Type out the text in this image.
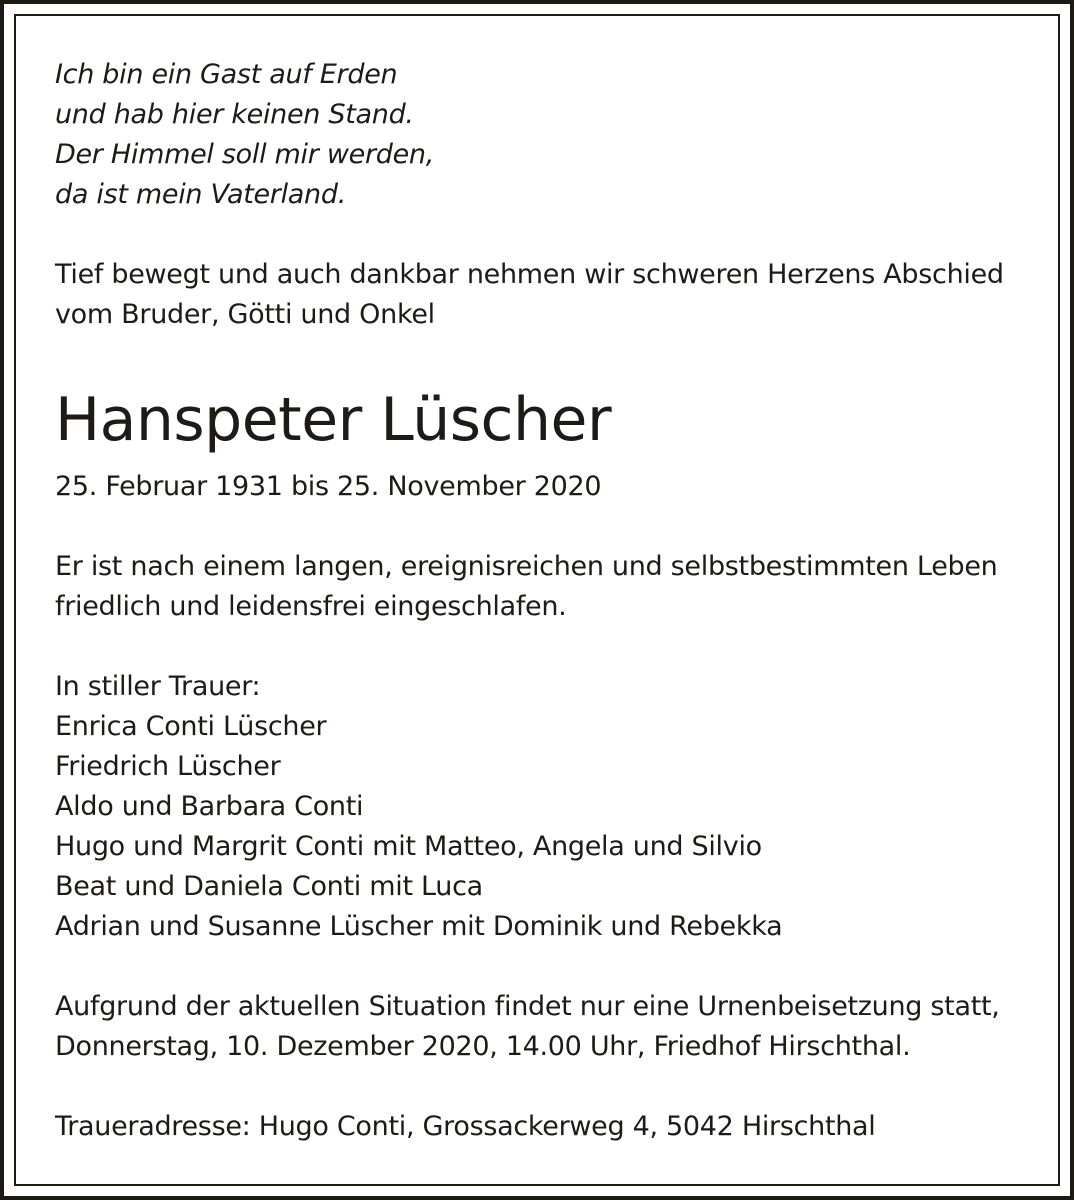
Ich bin ein Gast auf Erden
und hab hier keinen Stand.
Der Himmel soll mir werden,
da ist mein Vaterland.
Tief bewegt und auch dankbar nehmen wir schweren Herzens Abschied
vom Bruder, Götti und Onkel
Hanspeter Lüscher
25. Februar 1931 bis 25. November 2020
Er ist nach einem langen, ereignisreichen und selbstbestimmten Leben
friedlich und leidensfrei eingeschlafen.
In stiller Trauer:
Enrica Conti Lüscher
Friedrich Lüscher
Aldo und Barbara Conti
Hugo und Margrit Conti mit Matteo, Angela und Silvio
Beat und Daniela Conti mit Luca
Adrian und Susanne Lüscher mit Dominik und Rebekka
Aufgrund der aktuellen Situation findet nur eine Urnenbeisetzung statt,
Donnerstag, 10. Dezember 2020, 14.00 Uhr, Friedhof Hirschthal.
Traueradresse: Hugo Conti, Grossackerweg 4, 5042 Hirschthal
